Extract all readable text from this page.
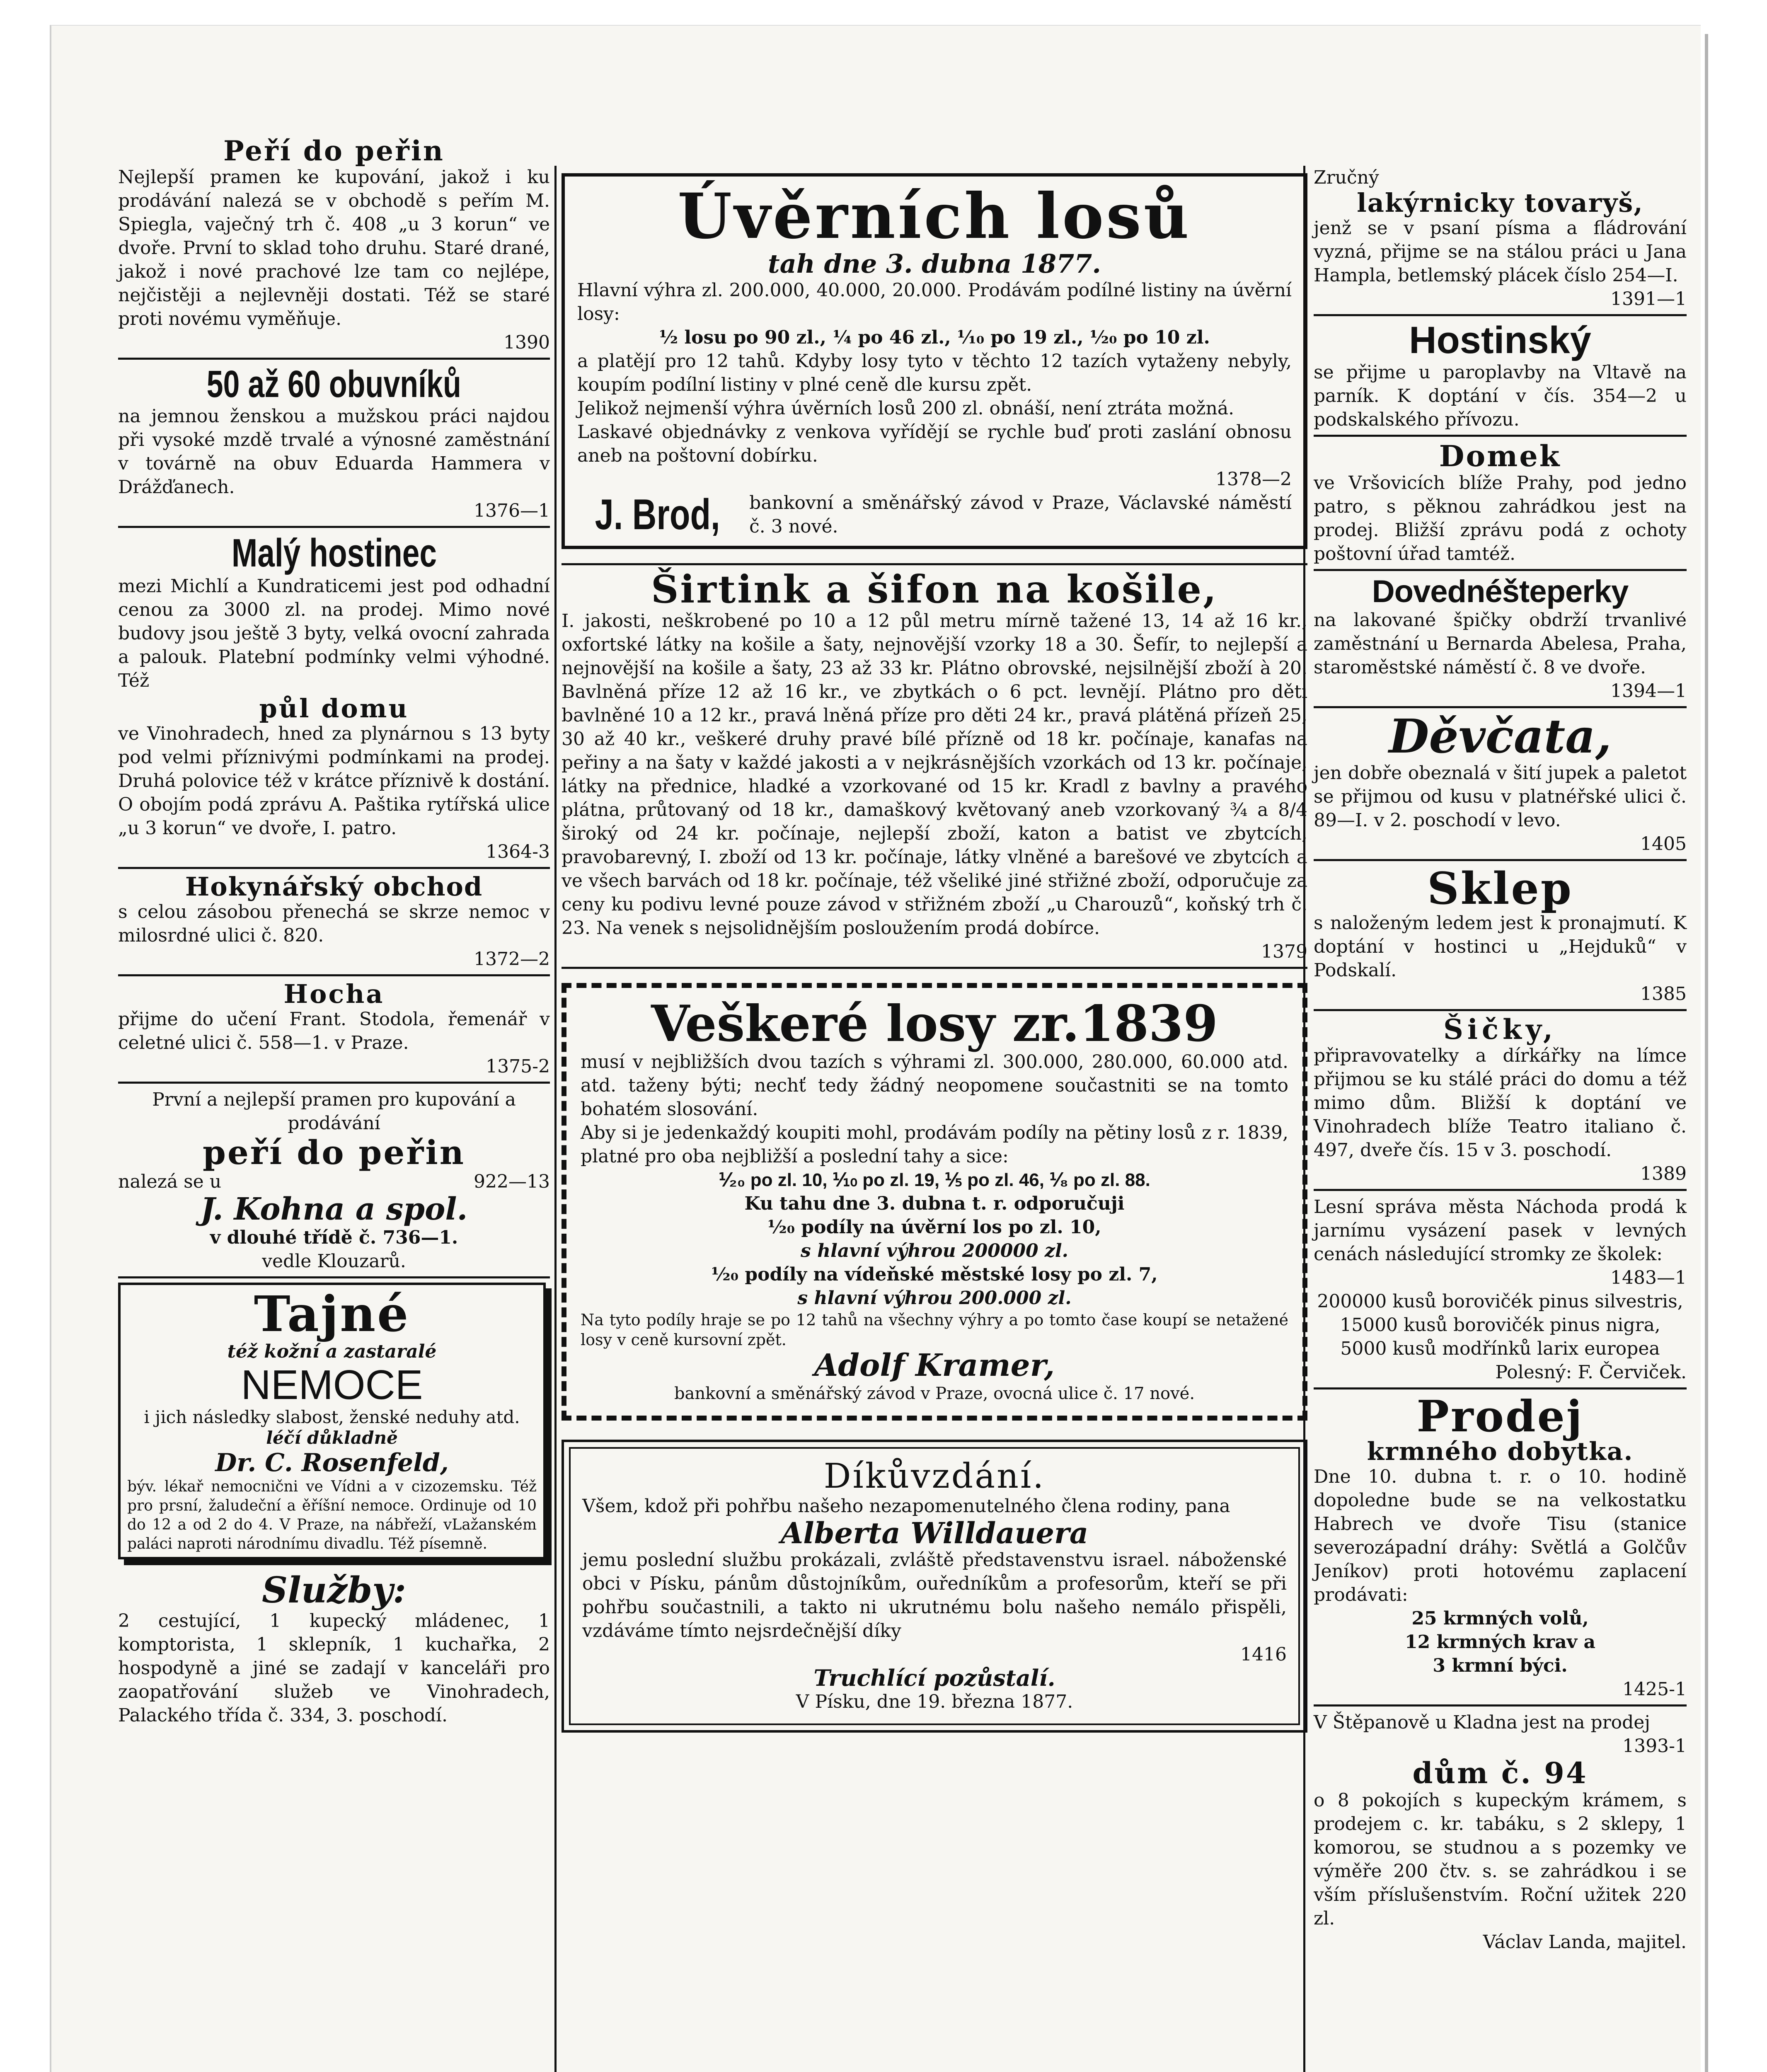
Peří do peřin

Nejlepší pramen ke kupování, jakož i ku prodávání nalezá se v obchodě s peřím M. Spiegla, vaječný trh č. 408 „u 3 korun“ ve dvoře. První to sklad toho druhu. Staré drané, jakož i nové prachové lze tam co nejlépe, nejčistěji a nejlevněji dostati. Též se staré proti novému vyměňuje.

1390

50 až 60 obuvníků

na jemnou ženskou a mužskou práci najdou při vysoké mzdě trvalé a výnosné zaměstnání v továrně na obuv Eduarda Hammera v Drážďanech.

1376—1

Malý hostinec

mezi Michlí a Kundraticemi jest pod odhadní cenou za 3000 zl. na prodej. Mimo nové budovy jsou ještě 3 byty, velká ovocní zahrada a palouk. Platební podmínky velmi výhodné. Též

půl domu

ve Vinohradech, hned za plynárnou s 13 byty pod velmi příznivými podmínkami na prodej. Druhá polovice též v krátce příznivě k dostání. O obojím podá zprávu A. Paštika rytířská ulice „u 3 korun“ ve dvoře, I. patro.

1364-3

Hokynářský obchod

s celou zásobou přenechá se skrze nemoc v milosrdné ulici č. 820.

1372—2

Hocha

přijme do učení Frant. Stodola, řemenář v celetné ulici č. 558—1. v Praze.

1375-2

První a nejlepší pramen pro kupování a prodávání

peří do peřin

nalezá se u	922—13

J. Kohna a spol.

v dlouhé třídě č. 736—1.

vedle Klouzarů.

Tajné

též kožní a zastaralé

NEMOCE

i jich následky slabost, ženské neduhy atd.

léčí důkladně

Dr. C. Rosenfeld,

býv. lékař nemocnični ve Vídni a v cizozemsku. Též pro prsní, žaludeční a ěříšní nemoce. Ordinuje od 10 do 12 a od 2 do 4. V Praze, na nábřeží, vLažanském paláci naproti národnímu divadlu. Též písemně.

Služby:

2 cestující, 1 kupecký mládenec, 1 komptorista, 1 sklepník, 1 kuchařka, 2 hospodyně a jiné se zadají v kanceláři pro zaopatřování služeb ve Vinohradech, Palackého třída č. 334, 3. poschodí.

Úvěrních losů

tah dne 3. dubna 1877.

Hlavní výhra zl. 200.000, 40.000, 20.000. Prodávám podílné listiny na úvěrní losy:

½ losu po 90 zl., ¼ po 46 zl., ⅒ po 19 zl., ⅟₂₀ po 10 zl.

a platějí pro 12 tahů. Kdyby losy tyto v těchto 12 tazích vytaženy nebyly, koupím podílní listiny v plné ceně dle kursu zpět.

Jelikož nejmenší výhra úvěrních losů 200 zl. obnáší, není ztráta možná.

Laskavé objednávky z venkova vyřídějí se rychle buď proti zaslání obnosu aneb na poštovní dobírku.

1378—2

J. Brod,	bankovní a směnářský závod v Praze, Václavské náměstí č. 3 nové.
Širtink a šifon na košile,

I. jakosti, neškrobené po 10 a 12 půl metru mírně tažené 13, 14 až 16 kr., oxfortské látky na košile a šaty, nejnovější vzorky 18 a 30. Šefír, to nejlepší a nejnovější na košile a šaty, 23 až 33 kr. Plátno obrovské, nejsilnější zboží à 20. Bavlněná příze 12 až 16 kr., ve zbytkách o 6 pct. levnějí. Plátno pro děti bavlněné 10 a 12 kr., pravá lněná příze pro děti 24 kr., pravá plátěná přízeň 25, 30 až 40 kr., veškeré druhy pravé bílé přízně od 18 kr. počínaje, kanafas na peřiny a na šaty v každé jakosti a v nejkrásnějších vzorkách od 13 kr. počínaje, látky na přednice, hladké a vzorkované od 15 kr. Kradl z bavlny a pravého plátna, průtovaný od 18 kr., damaškový květovaný aneb vzorkovaný ¾ a 8/4 široký od 24 kr. počínaje, nejlepší zboží, katon a batist ve zbytcích, pravobarevný, I. zboží od 13 kr. počínaje, látky vlněné a barešové ve zbytcích a ve všech barvách od 18 kr. počínaje, též všeliké jiné střižné zboží, odporučuje za ceny ku podivu levné pouze závod v střižném zboží „u Charouzů“, koňský trh č. 23. Na venek s nejsolidnějším posloužením prodá dobírce.

1379

Veškeré losy zr.1839

musí v nejbližších dvou tazích s výhrami zl. 300.000, 280.000, 60.000 atd. atd. taženy býti; nechť tedy žádný neopomene součastniti se na tomto bohatém slosování.

Aby si je jedenkaždý koupiti mohl, prodávám podíly na pětiny losů z r. 1839, platné pro oba nejbližší a poslední tahy a sice:

⅟₂₀ po zl. 10, ⅒ po zl. 19, ⅕ po zl. 46, ⅟₈ po zl. 88.

Ku tahu dne 3. dubna t. r. odporučuji

⅟₂₀ podíly na úvěrní los po zl. 10,

s hlavní výhrou 200000 zl.

⅟₂₀ podíly na vídeňské městské losy po zl. 7,

s hlavní výhrou 200.000 zl.

Na tyto podíly hraje se po 12 tahů na všechny výhry a po tomto čase koupí se netažené losy v ceně kursovní zpět.

Adolf Kramer,

bankovní a směnářský závod v Praze, ovocná ulice č. 17 nové.

Díkůvzdání.

Všem, kdož při pohřbu našeho nezapomenutelného člena rodiny, pana

Alberta Willdauera

jemu poslední službu prokázali, zvláště představenstvu israel. náboženské obci v Písku, pánům důstojníkům, ouředníkům a profesorům, kteří se při pohřbu součastnili, a takto ni ukrutnému bolu našeho nemálo přispěli, vzdáváme tímto nejsrdečnější díky

1416

Truchlící pozůstalí.

V Písku, dne 19. března 1877.

Zručný

lakýrnicky tovaryš,

jenž se v psaní písma a fládrování vyzná, přijme se na stálou práci u Jana Hampla, betlemský plácek číslo 254—I.

1391—1

Hostinský

se přijme u paroplavby na Vltavě na parník. K doptání v čís. 354—2 u podskalského přívozu.

Domek

ve Vršovicích blíže Prahy, pod jedno patro, s pěknou zahrádkou jest na prodej. Bližší zprávu podá z ochoty poštovní úřad tamtéž.

Dovednéšteperky

na lakované špičky obdrží trvanlivé zaměstnání u Bernarda Abelesa, Praha, staroměstské náměstí č. 8 ve dvoře.

1394—1

Děvčata,

jen dobře obeznalá v šití jupek a paletot se přijmou od kusu v platnéřské ulici č. 89—I. v 2. poschodí v levo.

1405

Sklep

s naloženým ledem jest k pronajmutí. K doptání v hostinci u „Hejduků“ v Podskalí.

1385

Šičky,

připravovatelky a dírkářky na límce přijmou se ku stálé práci do domu a též mimo dům. Bližší k doptání ve Vinohradech blíže Teatro italiano č. 497, dveře čís. 15 v 3. poschodí.

1389

Lesní správa města Náchoda prodá k jarnímu vysázení pasek v levných cenách následující stromky ze školek:

1483—1

200000 kusů borovičék pinus silvestris,

15000 kusů borovičék pinus nigra,

5000 kusů modřínků larix europea

Polesný: F. Červiček.

Prodej
krmného dobytka.

Dne 10. dubna t. r. o 10. hodině dopoledne bude se na velkostatku Habrech ve dvoře Tisu (stanice severozápadní dráhy: Světlá a Golčův Jeníkov) proti hotovému zaplacení prodávati:

25 krmných volů,

12 krmných krav a

3 krmní býci.

1425-1

V Štěpanově u Kladna jest na prodej

1393-1

dům č. 94

o 8 pokojích s kupeckým krámem, s prodejem c. kr. tabáku, s 2 sklepy, 1 komorou, se studnou a s pozemky ve výměře 200 čtv. s. se zahrádkou i se vším příslušenstvím. Roční užitek 220 zl.

Václav Landa, majitel.
